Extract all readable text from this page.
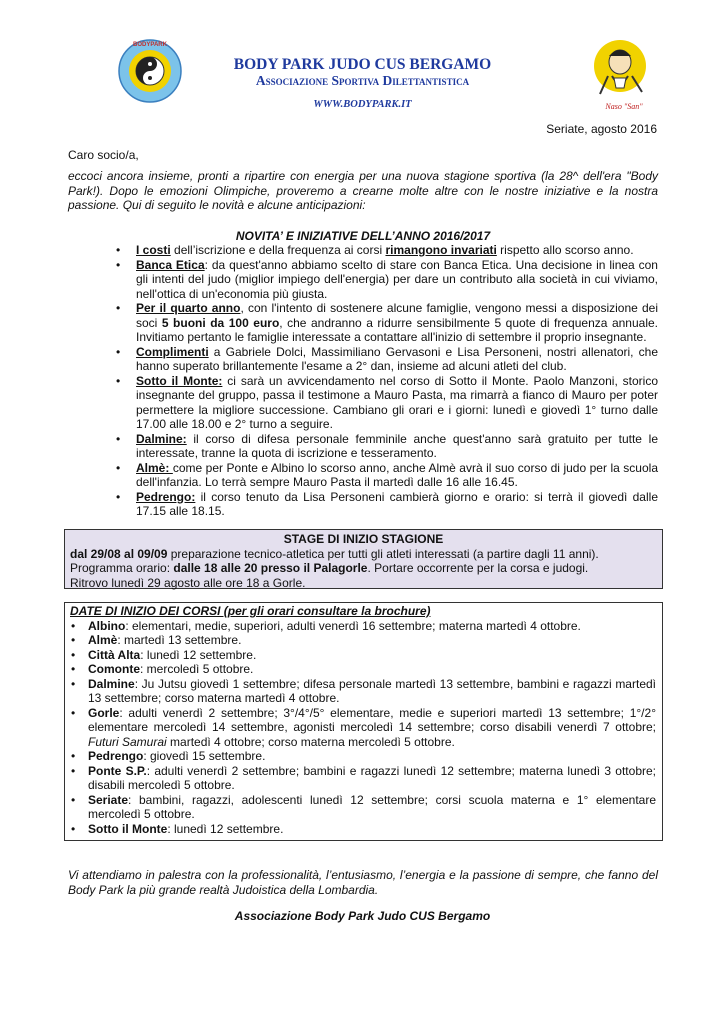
BODYPARK
Naso "San"
BODY PARK JUDO CUS BERGAMO
Associazione Sportiva Dilettantistica
WWW.BODYPARK.IT
Seriate, agosto 2016
Caro socio/a,
eccoci ancora insieme, pronti a ripartire con energia per una nuova stagione sportiva (la 28^ dell'era "Body Park!). Dopo le emozioni Olimpiche, proveremo a crearne molte altre con le nostre iniziative e la nostra passione. Qui di seguito le novità e alcune anticipazioni:
NOVITA’ E INIZIATIVE DELL’ANNO 2016/2017
• I costi dell’iscrizione e della frequenza ai corsi rimangono invariati rispetto allo scorso anno.
• Banca Etica: da quest'anno abbiamo scelto di stare con Banca Etica. Una decisione in linea con gli intenti del judo (miglior impiego dell'energia) per dare un contributo alla società in cui viviamo, nell'ottica di un'economia più giusta.
• Per il quarto anno, con l'intento di sostenere alcune famiglie, vengono messi a disposizione dei soci 5 buoni da 100 euro, che andranno a ridurre sensibilmente 5 quote di frequenza annuale. Invitiamo pertanto le famiglie interessate a contattare all'inizio di settembre il proprio insegnante.
• Complimenti a Gabriele Dolci, Massimiliano Gervasoni e Lisa Personeni, nostri allenatori, che hanno superato brillantemente l'esame a 2° dan, insieme ad alcuni atleti del club.
• Sotto il Monte: ci sarà un avvicendamento nel corso di Sotto il Monte. Paolo Manzoni, storico insegnante del gruppo, passa il testimone a Mauro Pasta, ma rimarrà a fianco di Mauro per poter permettere la migliore successione. Cambiano gli orari e i giorni: lunedì e giovedì 1° turno dalle 17.00 alle 18.00 e 2° turno a seguire.
• Dalmine: il corso di difesa personale femminile anche quest'anno sarà gratuito per tutte le interessate, tranne la quota di iscrizione e tesseramento.
• Almè: come per Ponte e Albino lo scorso anno, anche Almè avrà il suo corso di judo per la scuola dell'infanzia. Lo terrà sempre Mauro Pasta il martedì dalle 16 alle 16.45.
• Pedrengo: il corso tenuto da Lisa Personeni cambierà giorno e orario: si terrà il giovedì dalle 17.15 alle 18.15.
STAGE DI INIZIO STAGIONE
dal 29/08 al 09/09 preparazione tecnico-atletica per tutti gli atleti interessati (a partire dagli 11 anni).
Programma orario: dalle 18 alle 20 presso il Palagorle. Portare occorrente per la corsa e judogi.
Ritrovo lunedì 29 agosto alle ore 18 a Gorle.
DATE DI INIZIO DEI CORSI (per gli orari consultare la brochure)
• Albino: elementari, medie, superiori, adulti venerdì 16 settembre; materna martedì 4 ottobre.
• Almè: martedì 13 settembre.
• Città Alta: lunedì 12 settembre.
• Comonte: mercoledì 5 ottobre.
• Dalmine: Ju Jutsu giovedì 1 settembre; difesa personale martedì 13 settembre, bambini e ragazzi martedì 13 settembre; corso materna martedì 4 ottobre.
• Gorle: adulti venerdì 2 settembre; 3°/4°/5° elementare, medie e superiori martedì 13 settembre; 1°/2° elementare mercoledì 14 settembre, agonisti mercoledì 14 settembre; corso disabili venerdì 7 ottobre; Futuri Samurai martedì 4 ottobre; corso materna mercoledì 5 ottobre.
• Pedrengo: giovedì 15 settembre.
• Ponte S.P.: adulti venerdì 2 settembre; bambini e ragazzi lunedì 12 settembre; materna lunedì 3 ottobre; disabili mercoledì 5 ottobre.
• Seriate: bambini, ragazzi, adolescenti lunedì 12 settembre; corsi scuola materna e 1° elementare mercoledì 5 ottobre.
• Sotto il Monte: lunedì 12 settembre.
Vi attendiamo in palestra con la professionalità, l’entusiasmo, l’energia e la passione di sempre, che fanno del Body Park la più grande realtà Judoistica della Lombardia.
Associazione Body Park Judo CUS Bergamo
